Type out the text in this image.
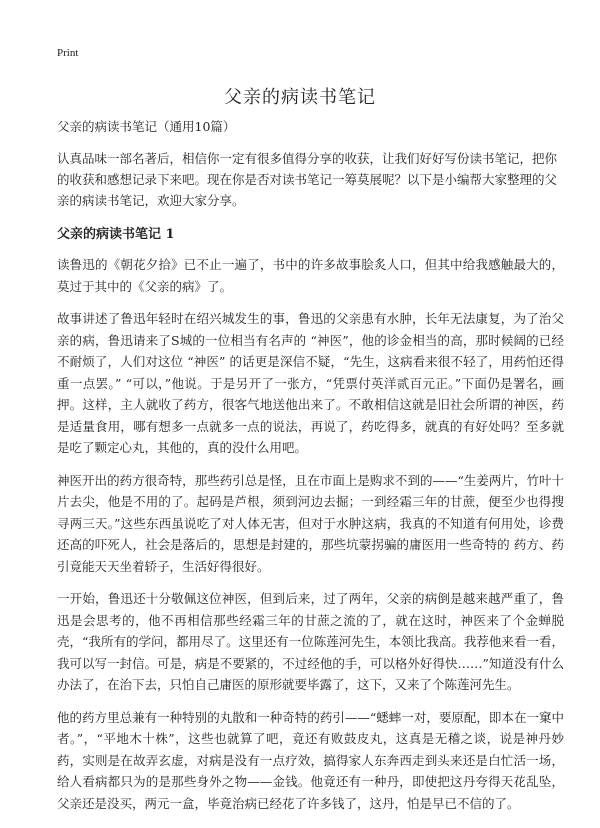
Print
父亲的病读书笔记

父亲的病读书笔记（通用10篇）

认真品味一部名著后，相信你一定有很多值得分享的收获，让我们好好写份读书笔记，把你的收获和感想记录下来吧。现在你是否对读书笔记一筹莫展呢？以下是小编帮大家整理的父亲的病读书笔记，欢迎大家分享。

父亲的病读书笔记 1

读鲁迅的《朝花夕拾》已不止一遍了，书中的许多故事脍炙人口，但其中给我感触最大的，莫过于其中的《父亲的病》了。

故事讲述了鲁迅年轻时在绍兴城发生的事，鲁迅的父亲患有水肿，长年无法康复，为了治父亲的病，鲁迅请来了S城的一位相当有名声的 “神医”，他的诊金相当的高，那时候阔的已经不耐烦了，人们对这位 “神医” 的话更是深信不疑，“先生，这病看来很不轻了，用药怕还得重一点罢。” “可以，”他说。于是另开了一张方，“凭票付英洋贰百元正。”下面仍是署名，画押。这样，主人就收了药方，很客气地送他出来了。不敢相信这就是旧社会所谓的神医，药是适量食用，哪有想多一点就多一点的说法，再说了，药吃得多，就真的有好处吗？至多就是吃了颗定心丸，其他的，真的没什么用吧。

神医开出的药方很奇特，那些药引总是怪，且在市面上是购求不到的——“生姜两片，竹叶十片去尖，他是不用的了。起码是芦根，须到河边去掘；一到经霜三年的甘蔗，便至少也得搜寻两三天。”这些东西虽说吃了对人体无害，但对于水肿这病，我真的不知道有何用处，诊费还高的吓死人，社会是落后的，思想是封建的，那些坑蒙拐骗的庸医用一些奇特的 药方、药引竟能天天坐着轿子，生活好得很好。

一开始，鲁迅还十分敬佩这位神医，但到后来，过了两年，父亲的病倒是越来越严重了，鲁迅是会思考的，他不再相信那些经霜三年的甘蔗之流的了，就在这时，神医来了个金蝉脱壳，“我所有的学问，都用尽了。这里还有一位陈莲河先生，本领比我高。我荐他来看一看，我可以写一封信。可是，病是不要紧的，不过经他的手，可以格外好得快……”知道没有什么办法了，在治下去，只怕自己庸医的原形就要毕露了，这下，又来了个陈莲河先生。

他的药方里总兼有一种特别的丸散和一种奇特的药引——“蟋蟀一对，要原配，即本在一窠中者。”，“平地木十株”，这些也就算了吧，竟还有败鼓皮丸，这真是无稽之谈，说是神丹妙药，实则是在故弄玄虚，对病是没有一点疗效，搞得家人东奔西走到头来还是白忙活一场，给人看病都只为的是那些身外之物——金钱。他竟还有一种丹，即使把这丹夸得天花乱坠，父亲还是没买，两元一盒，毕竟治病已经花了许多钱了，这丹，怕是早已不信的了。
